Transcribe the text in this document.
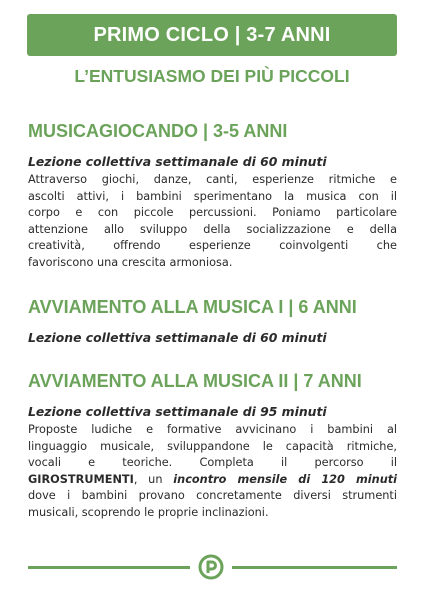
PRIMO CICLO | 3-7 ANNI
L’ENTUSIASMO DEI PIÙ PICCOLI
MUSICAGIOCANDO | 3-5 ANNI
Lezione collettiva settimanale di 60 minuti
Attraverso giochi, danze, canti, esperienze ritmiche e
ascolti attivi, i bambini sperimentano la musica con il
corpo e con piccole percussioni. Poniamo particolare
attenzione allo sviluppo della socializzazione e della
creatività, offrendo esperienze coinvolgenti che
favoriscono una crescita armoniosa.
AVVIAMENTO ALLA MUSICA I | 6 ANNI
Lezione collettiva settimanale di 60 minuti
AVVIAMENTO ALLA MUSICA II | 7 ANNI
Lezione collettiva settimanale di 95 minuti
Proposte ludiche e formative avvicinano i bambini al
linguaggio musicale, sviluppandone le capacità ritmiche,
vocali e teoriche. Completa il percorso il
GIROSTRUMENTI, un incontro mensile di 120 minuti
dove i bambini provano concretamente diversi strumenti
musicali, scoprendo le proprie inclinazioni.
